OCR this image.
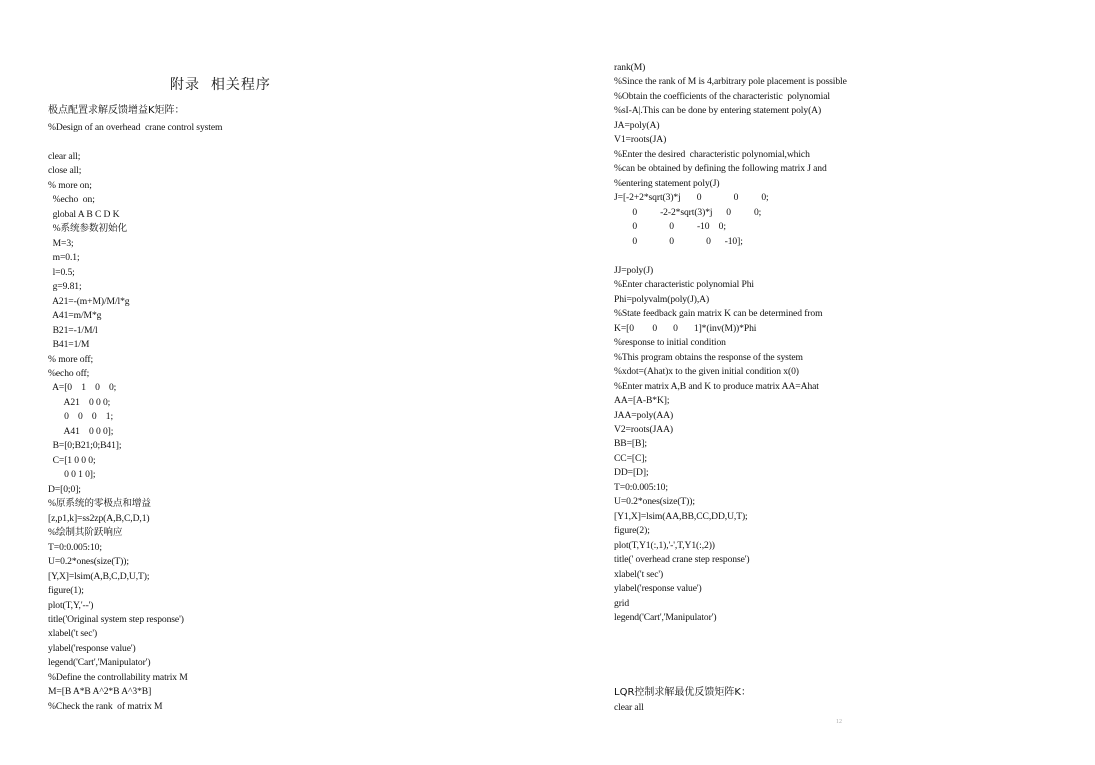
附录  相关程序
极点配置求解反馈增益K矩阵：
%Design of an overhead  crane control system
clear all;
close all;
% more on;
%echo  on;
global A B C D K
%系统参数初始化
M=3;
m=0.1;
l=0.5;
g=9.81;
A21=-(m+M)/M/l*g
A41=m/M*g
B21=-1/M/l
B41=1/M
% more off;
%echo off;
A=[0    1    0    0;
A21    0 0 0;
0    0    0    1;
A41    0 0 0];
B=[0;B21;0;B41];
C=[1 0 0 0;
0 0 1 0];
D=[0;0];
%原系统的零极点和增益
[z,p1,k]=ss2zp(A,B,C,D,1)
%绘制其阶跃响应
T=0:0.005:10;
U=0.2*ones(size(T));
[Y,X]=lsim(A,B,C,D,U,T);
figure(1);
plot(T,Y,'--')
title('Original system step response')
xlabel('t sec')
ylabel('response value')
legend('Cart','Manipulator')
%Define the controllability matrix M
M=[B A*B A^2*B A^3*B]
%Check the rank  of matrix M
rank(M)
%Since the rank of M is 4,arbitrary pole placement is possible
%Obtain the coefficients of the characteristic  polynomial
%sI-A|.This can be done by entering statement poly(A)
JA=poly(A)
V1=roots(JA)
%Enter the desired  characteristic polynomial,which
%can be obtained by defining the following matrix J and
%entering statement poly(J)
J=[-2+2*sqrt(3)*j       0              0          0;
0          -2-2*sqrt(3)*j      0          0;
0              0          -10    0;
0              0              0      -10];
JJ=poly(J)
%Enter characteristic polynomial Phi
Phi=polyvalm(poly(J),A)
%State feedback gain matrix K can be determined from
K=[0        0       0       1]*(inv(M))*Phi
%response to initial condition
%This program obtains the response of the system
%xdot=(Ahat)x to the given initial condition x(0)
%Enter matrix A,B and K to produce matrix AA=Ahat
AA=[A-B*K];
JAA=poly(AA)
V2=roots(JAA)
BB=[B];
CC=[C];
DD=[D];
T=0:0.005:10;
U=0.2*ones(size(T));
[Y1,X]=lsim(AA,BB,CC,DD,U,T);
figure(2);
plot(T,Y1(:,1),'-',T,Y1(:,2))
title(' overhead crane step response')
xlabel('t sec')
ylabel('response value')
grid
legend('Cart','Manipulator')
LQR控制求解最优反馈矩阵K：
clear all
12
